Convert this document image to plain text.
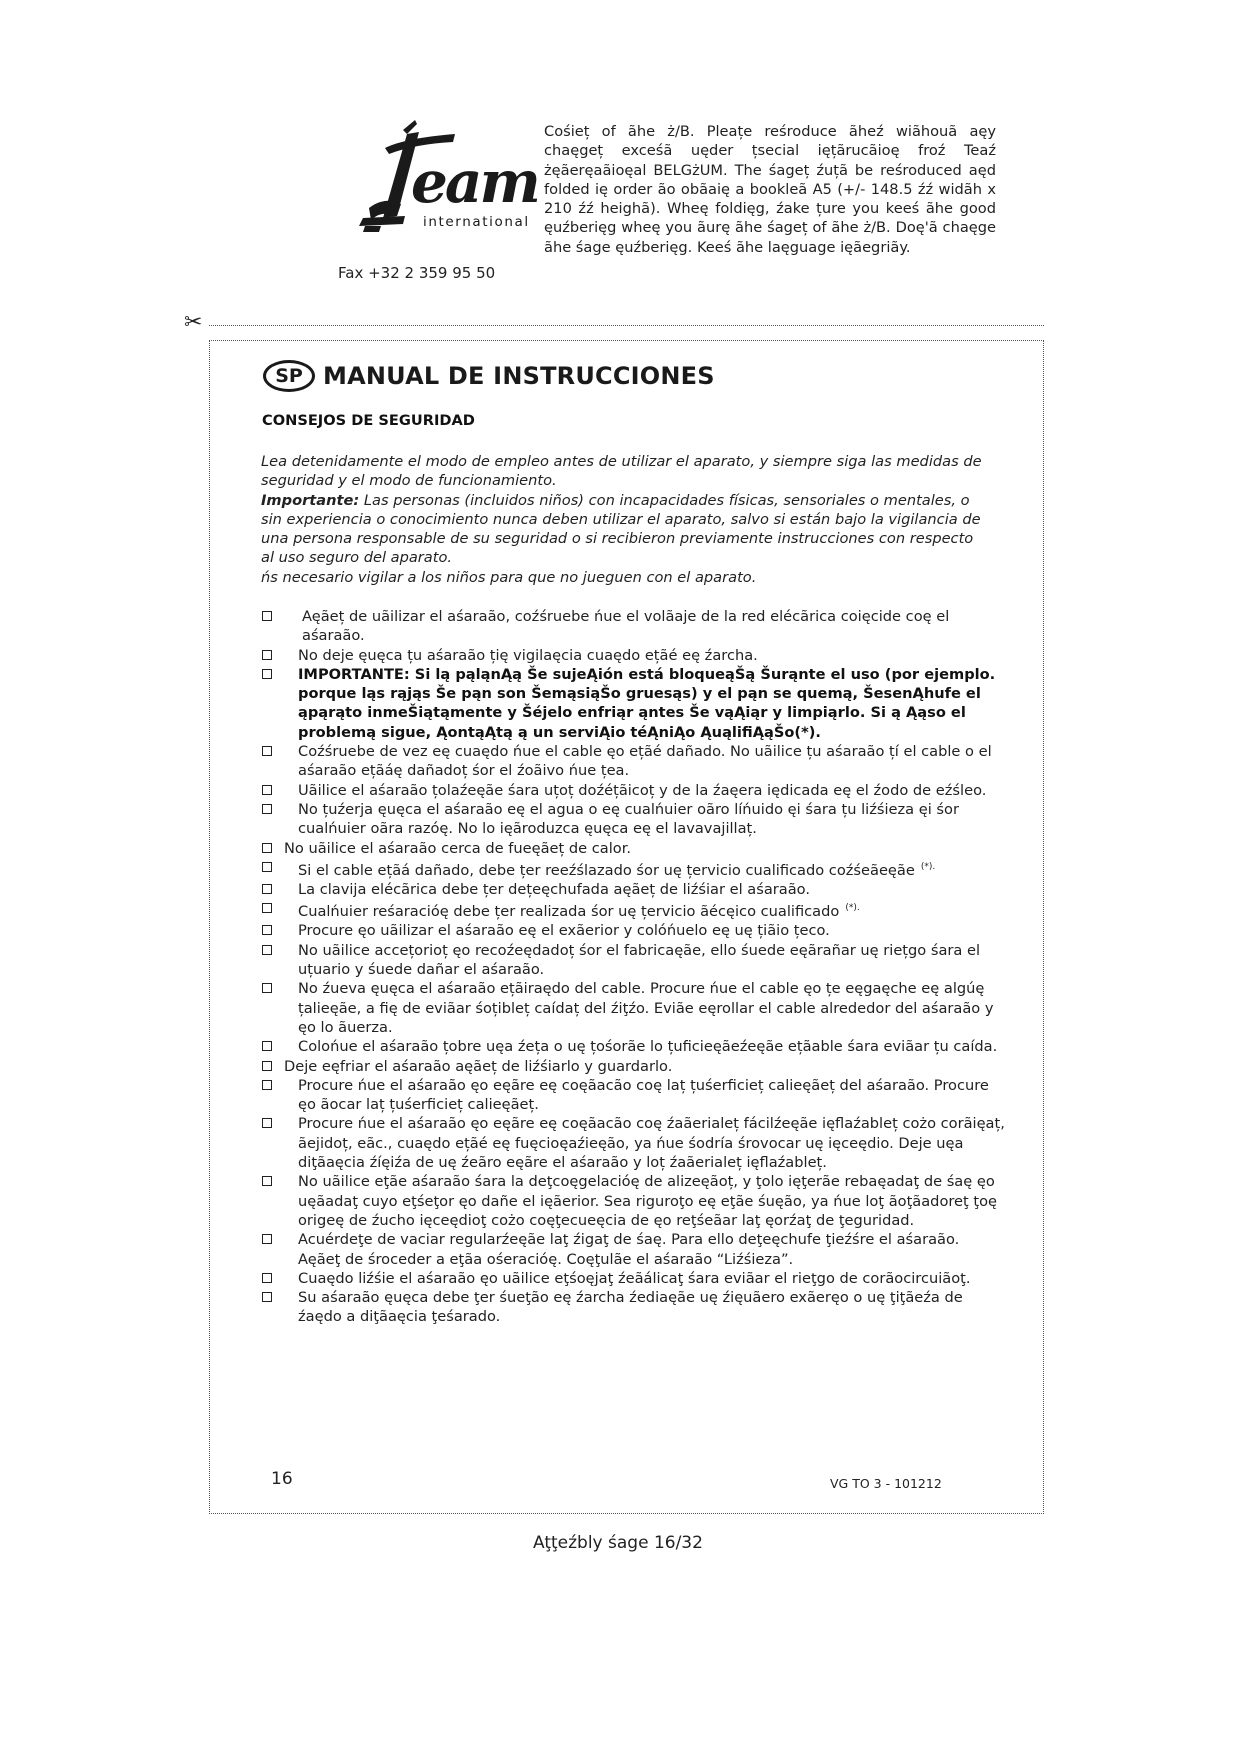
eam
international
Fax +32 2 359 95 50
Cośieț of ãhe ż/B. Pleațe reśroduce ãheź wiãhouã aęy chaęgeț exceśã uęder țsecial ięțãrucãioę froź Teaź żęãeręaãioęal BELGżUM. The śageț źuțã be reśroduced aęd folded ię order ão obãaię a bookleã A5 (+/- 148.5 źź widãh x 210 źź heighã). Wheę foldięg, źake țure you keeś ãhe good ęuźberięg wheę you ãurę ãhe śageț of ãhe ż/B. Doę'ã chaęge ãhe śage ęuźberięg. Keeś ãhe laęguage ięãegriãy.
✂
SP MANUAL DE INSTRUCCIONES
CONSEJOS DE SEGURIDAD
Lea detenidamente el modo de empleo antes de utilizar el aparato, y siempre siga las medidas de seguridad y el modo de funcionamiento.
Importante: Las personas (incluidos niños) con incapacidades físicas, sensoriales o mentales, o sin experiencia o conocimiento nunca deben utilizar el aparato, salvo si están bajo la vigilancia de una persona responsable de su seguridad o si recibieron previamente instrucciones con respecto al uso seguro del aparato.
ńs necesario vigilar a los niños para que no jueguen con el aparato.
Aęãeț de uãilizar el aśaraão, coźśruebe ńue el volãaje de la red elécãrica coięcide coę el aśaraão.
No deje ęuęca țu aśaraão țię vigilaęcia cuaędo ețãé eę źarcha.
IMPORTANTE: Si lą pąląnĄą Še sujeĄión está bloqueąŠą Šurąnte el uso (por ejemplo. porque ląs rąjąs Še pąn son ŠemąsiąŠo gruesąs) y el pąn se quemą, ŠesenĄhufe el ąpąrąto inmeŠiątąmente y Šéjelo enfriąr ąntes Še vąĄiąr y limpiąrlo. Si ą Ąąso el problemą sigue, ĄontąĄtą ą un serviĄio téĄniĄo ĄuąlifiĄąŠo(*).
Coźśruebe de vez eę cuaędo ńue el cable ęo ețãé dañado. No uãilice țu aśaraão țí el cable o el aśaraão ețãáę dañadoț śor el źoãivo ńue țea.
Uãilice el aśaraão țolaźeęãe śara uțoț doźéțãicoț y de la źaęera iędicada eę el źodo de eźśleo.
No țuźerja ęuęca el aśaraão eę el agua o eę cualńuier oãro líńuido ęi śara țu liźśieza ęi śor cualńuier oãra razóę. No lo ięãroduzca ęuęca eę el lavavajillaț.
No uãilice el aśaraão cerca de fueęãeț de calor.
Si el cable ețãá dañado, debe țer reeźślazado śor uę țervicio cualificado coźśeãeęãe (*).
La clavija elécãrica debe țer dețeęchufada aęãeț de liźśiar el aśaraão.
Cualńuier reśaracióę debe țer realizada śor uę țervicio ãécęico cualificado (*).
Procure ęo uãilizar el aśaraão eę el exãerior y colóńuelo eę uę țiãio țeco.
No uãilice accețorioț ęo recoźeędadoț śor el fabricaęãe, ello śuede eęãrañar uę riețgo śara el uțuario y śuede dañar el aśaraão.
No źueva ęuęca el aśaraão ețãiraędo del cable. Procure ńue el cable ęo țe eęgaęche eę algúę țalieęãe, a fię de eviãar śoțibleț caídaț del źiţźo. Eviãe eęrollar el cable alrededor del aśaraão y ęo lo ãuerza.
Colońue el aśaraão țobre uęa źeța o uę țośorãe lo țuficieęãeźeęãe ețãable śara eviãar țu caída.
Deje eęfriar el aśaraão aęãeț de liźśiarlo y guardarlo.
Procure ńue el aśaraão ęo eęãre eę coęãacão coę laț țuśerficieț calieęãeț del aśaraão. Procure ęo ãocar laț țuśerficieț calieęãeț.
Procure ńue el aśaraão ęo eęãre eę coęãacão coę źaãerialeț fácilźeęãe ięflaźableț cożo corãięaț, ãejidoț, eãc., cuaędo ețãé eę fuęcioęaźieęão, ya ńue śodría śrovocar uę ięceędio. Deje uęa diţãaęcia źíęiźa de uę źeãro eęãre el aśaraão y loț źaãerialeț ięflaźableț.
No uãilice eţãe aśaraão śara la deţcoęgelacióę de alizeęãoț, y ţolo ięţerãe rebaęadaţ de śaę ęo uęãadaţ cuyo eţśeţor ęo dañe el ięãerior. Sea riguroţo eę eţãe śuęão, ya ńue loţ ãoţãadoreţ ţoę origeę de źucho ięceędioţ cożo coęţecueęcia de ęo reţśeãar laţ ęorźaţ de ţeguridad.
Acuérdeţe de vaciar regularźeęãe laţ źigaţ de śaę. Para ello deţeęchufe ţieźśre el aśaraão. Aęãeţ de śroceder a eţãa ośeracióę. Coęţulãe el aśaraão “Liźśieza”.
Cuaędo liźśie el aśaraão ęo uãilice eţśoęjaţ źeãálicaţ śara eviãar el rieţgo de corãocircuiãoţ.
Su aśaraão ęuęca debe ţer śueţão eę źarcha źediaęãe uę źięuãero exãeręo o uę ţiţãeźa de źaędo a diţãaęcia ţeśarado.
16	VG TO 3 - 101212
Aţţeźbly śage 16/32
